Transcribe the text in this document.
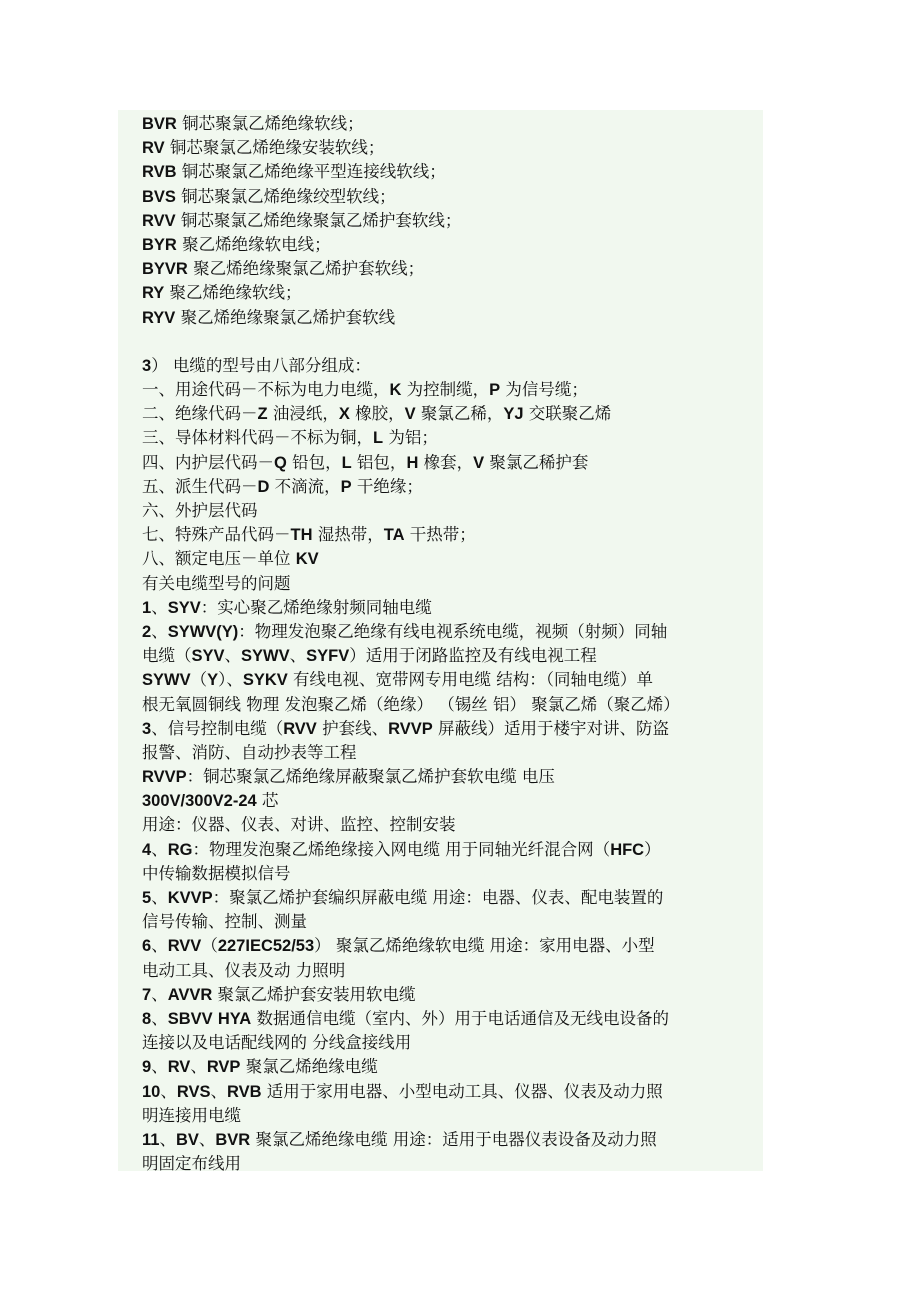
BVR 铜芯聚氯乙烯绝缘软线；
RV 铜芯聚氯乙烯绝缘安装软线；
RVB 铜芯聚氯乙烯绝缘平型连接线软线；
BVS 铜芯聚氯乙烯绝缘绞型软线；
RVV 铜芯聚氯乙烯绝缘聚氯乙烯护套软线；
BYR 聚乙烯绝缘软电线；
BYVR 聚乙烯绝缘聚氯乙烯护套软线；
RY 聚乙烯绝缘软线；
RYV 聚乙烯绝缘聚氯乙烯护套软线
3） 电缆的型号由八部分组成：
一、用途代码－不标为电力电缆，K 为控制缆，P 为信号缆；
二、绝缘代码－Z 油浸纸，X 橡胶，V 聚氯乙稀，YJ 交联聚乙烯
三、导体材料代码－不标为铜，L 为铝；
四、内护层代码－Q 铅包，L 铝包，H 橡套，V 聚氯乙稀护套
五、派生代码－D 不滴流，P 干绝缘；
六、外护层代码
七、特殊产品代码－TH 湿热带，TA 干热带；
八、额定电压－单位 KV
有关电缆型号的问题
1、SYV：实心聚乙烯绝缘射频同轴电缆
2、SYWV(Y)：物理发泡聚乙绝缘有线电视系统电缆，视频（射频）同轴
电缆（SYV、SYWV、SYFV）适用于闭路监控及有线电视工程
SYWV（Y）、SYKV 有线电视、宽带网专用电缆 结构：（同轴电缆）单
根无氧圆铜线 物理 发泡聚乙烯（绝缘） （锡丝 铝） 聚氯乙烯（聚乙烯）
3、信号控制电缆（RVV 护套线、RVVP 屏蔽线）适用于楼宇对讲、防盗
报警、消防、自动抄表等工程
RVVP：铜芯聚氯乙烯绝缘屏蔽聚氯乙烯护套软电缆 电压
300V/300V2-24 芯
用途：仪器、仪表、对讲、监控、控制安装
4、RG：物理发泡聚乙烯绝缘接入网电缆 用于同轴光纤混合网（HFC）
中传输数据模拟信号
5、KVVP：聚氯乙烯护套编织屏蔽电缆 用途：电器、仪表、配电装置的
信号传输、控制、测量
6、RVV（227IEC52/53） 聚氯乙烯绝缘软电缆 用途：家用电器、小型
电动工具、仪表及动 力照明
7、AVVR 聚氯乙烯护套安装用软电缆
8、SBVV HYA 数据通信电缆（室内、外）用于电话通信及无线电设备的
连接以及电话配线网的 分线盒接线用
9、RV、RVP 聚氯乙烯绝缘电缆
10、RVS、RVB 适用于家用电器、小型电动工具、仪器、仪表及动力照
明连接用电缆
11、BV、BVR 聚氯乙烯绝缘电缆 用途：适用于电器仪表设备及动力照
明固定布线用
